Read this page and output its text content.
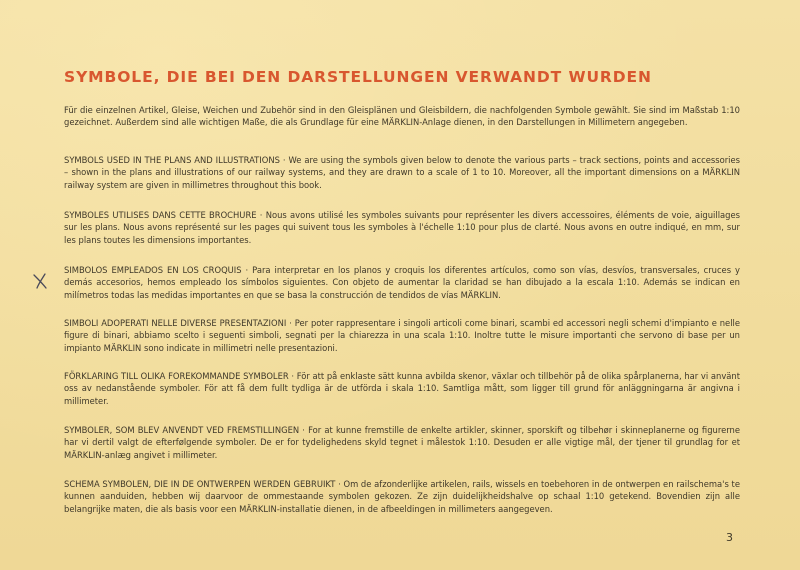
SYMBOLE, DIE BEI DEN DARSTELLUNGEN VERWANDT WURDEN
Für die einzelnen Artikel, Gleise, Weichen und Zubehör sind in den Gleisplänen und Gleisbildern, die nachfolgenden Symbole gewählt. Sie sind im Maßstab 1:10 gezeichnet. Außerdem sind alle wichtigen Maße, die als Grundlage für eine MÄRKLIN-Anlage dienen, in den Darstellungen in Millimetern angegeben.
SYMBOLS USED IN THE PLANS AND ILLUSTRATIONS · We are using the symbols given below to denote the various parts – track sections, points and accessories – shown in the plans and illustrations of our railway systems, and they are drawn to a scale of 1 to 10. Moreover, all the important dimensions on a MÄRKLIN railway system are given in millimetres throughout this book.
SYMBOLES UTILISES DANS CETTE BROCHURE · Nous avons utilisé les symboles suivants pour représenter les divers accessoires, éléments de voie, aiguillages sur les plans. Nous avons représenté sur les pages qui suivent tous les symboles à l'échelle 1:10 pour plus de clarté. Nous avons en outre indiqué, en mm, sur les plans toutes les dimensions importantes.
SIMBOLOS EMPLEADOS EN LOS CROQUIS · Para interpretar en los planos y croquis los diferentes artículos, como son vías, desvíos, transversales, cruces y demás accesorios, hemos empleado los símbolos siguientes. Con objeto de aumentar la claridad se han dibujado a la escala 1:10. Además se indican en milímetros todas las medidas importantes en que se basa la construcción de tendidos de vías MÄRKLIN.
SIMBOLI ADOPERATI NELLE DIVERSE PRESENTAZIONI · Per poter rappresentare i singoli articoli come binari, scambi ed accessori negli schemi d'impianto e nelle figure di binari, abbiamo scelto i seguenti simboli, segnati per la chiarezza in una scala 1:10. Inoltre tutte le misure importanti che servono di base per un impianto MÄRKLIN sono indicate in millimetri nelle presentazioni.
FÖRKLARING TILL OLIKA FOREKOMMANDE SYMBOLER · För att på enklaste sätt kunna avbilda skenor, växlar och tillbehör på de olika spårplanerna, har vi använt oss av nedanstående symboler. För att få dem fullt tydliga är de utförda i skala 1:10. Samtliga mått, som ligger till grund för anläggningarna är angivna i millimeter.
SYMBOLER, SOM BLEV ANVENDT VED FREMSTILLINGEN · For at kunne fremstille de enkelte artikler, skinner, sporskift og tilbehør i skinneplanerne og figurerne har vi dertil valgt de efterfølgende symboler. De er for tydelighedens skyld tegnet i målestok 1:10. Desuden er alle vigtige mål, der tjener til grundlag for et MÄRKLIN-anlæg angivet i millimeter.
SCHEMA SYMBOLEN, DIE IN DE ONTWERPEN WERDEN GEBRUIKT · Om de afzonderlijke artikelen, rails, wissels en toebehoren in de ontwerpen en railschema's te kunnen aanduiden, hebben wij daarvoor de ommestaande symbolen gekozen. Ze zijn duidelijkheidshalve op schaal 1:10 getekend. Bovendien zijn alle belangrijke maten, die als basis voor een MÄRKLIN-installatie dienen, in de afbeeldingen in millimeters aangegeven.
3
